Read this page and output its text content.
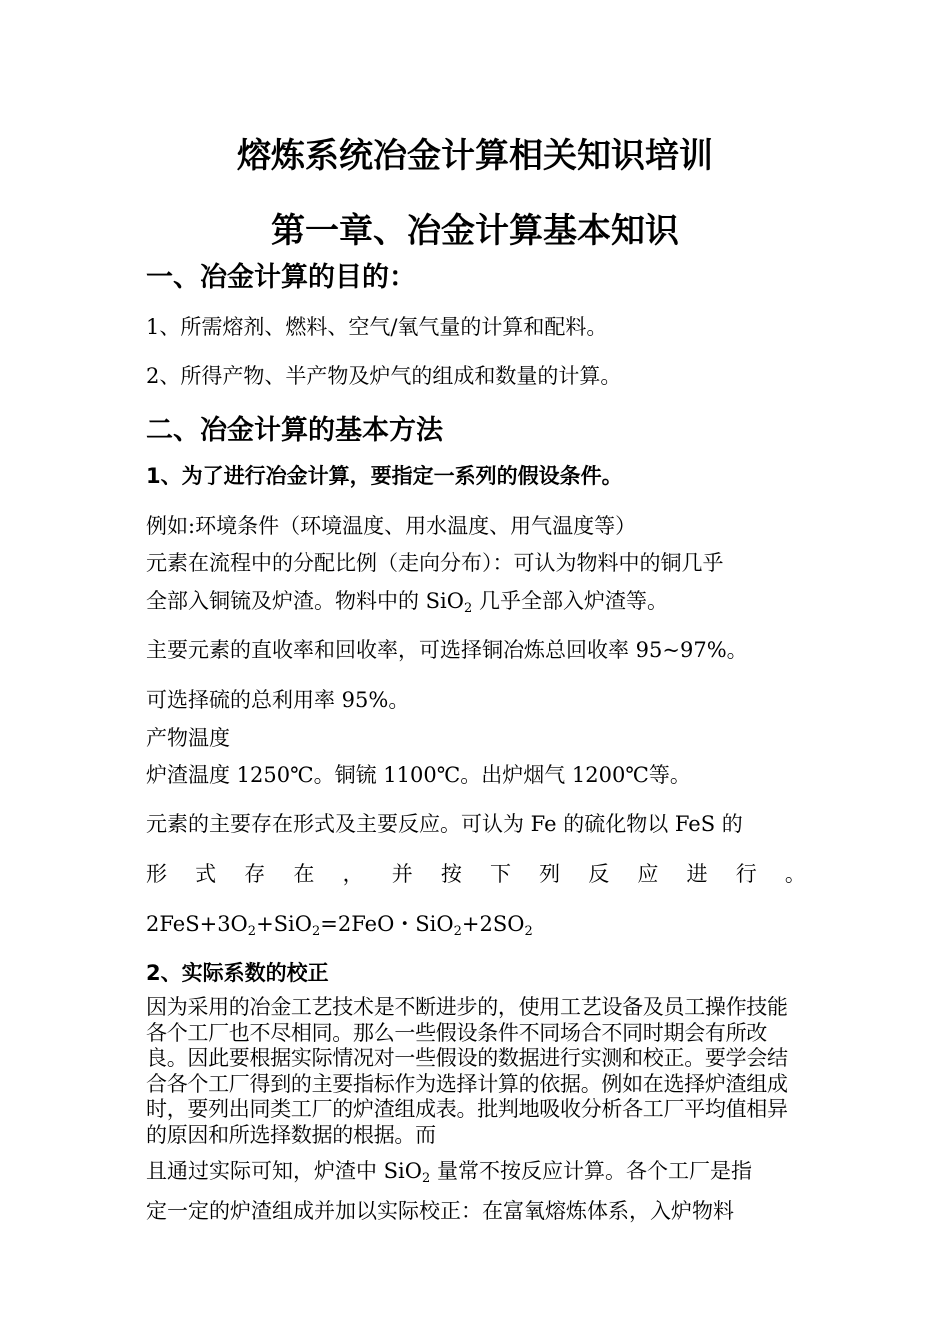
熔炼系统冶金计算相关知识培训
第一章、冶金计算基本知识
一、冶金计算的目的：
1、所需熔剂、燃料、空气/氧气量的计算和配料。
2、所得产物、半产物及炉气的组成和数量的计算。
二、冶金计算的基本方法
1、为了进行冶金计算，要指定一系列的假设条件。
例如:环境条件（环境温度、用水温度、用气温度等）
元素在流程中的分配比例（走向分布）：可认为物料中的铜几乎
全部入铜锍及炉渣。物料中的 SiO$_2$ 几乎全部入炉渣等。
主要元素的直收率和回收率，可选择铜冶炼总回收率 95~97%。
可选择硫的总利用率 95%。
产物温度
炉渣温度 1250℃。铜锍 1100℃。出炉烟气 1200℃等。
元素的主要存在形式及主要反应。可认为 Fe 的硫化物以 FeS 的
形 式 存 在 ， 并 按 下 列 反 应 进 行 。
$2FeS+3O_2+SiO_2=2FeO$・$SiO_2+2SO_2$
2、实际系数的校正
因为采用的冶金工艺技术是不断进步的，使用工艺设备及员工操作技能各个工厂也不尽相同。那么一些假设条件不同场合不同时期会有所改良。因此要根据实际情况对一些假设的数据进行实测和校正。要学会结合各个工厂得到的主要指标作为选择计算的依据。例如在选择炉渣组成时，要列出同类工厂的炉渣组成表。批判地吸收分析各工厂平均值相异的原因和所选择数据的根据。而
且通过实际可知，炉渣中 SiO$_2$ 量常不按反应计算。各个工厂是指
定一定的炉渣组成并加以实际校正：在富氧熔炼体系，入炉物料
